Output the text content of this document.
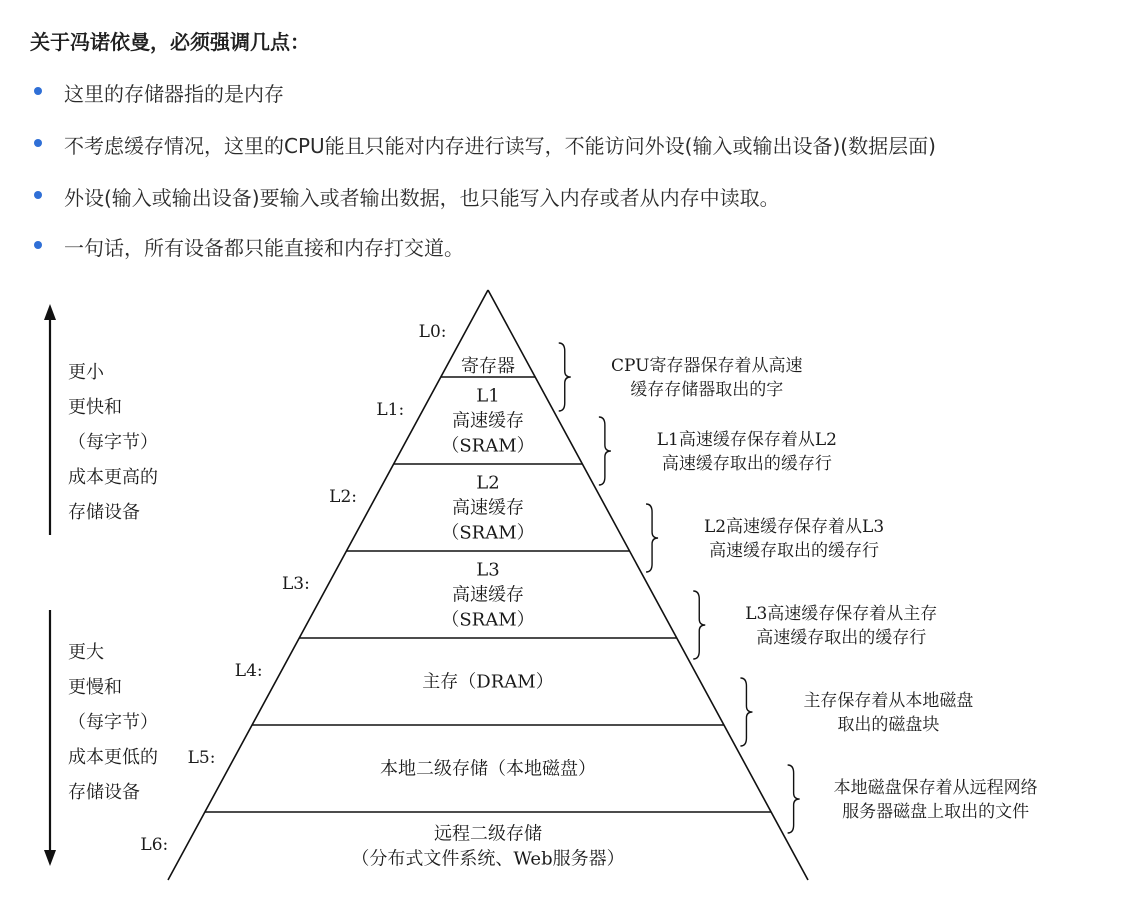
关于冯诺依曼，必须强调几点：
这里的存储器指的是内存
不考虑缓存情况，这里的CPU能且只能对内存进行读写，不能访问外设(输入或输出设备)(数据层面)
外设(输入或输出设备)要输入或者输出数据，也只能写入内存或者从内存中读取。
一句话，所有设备都只能直接和内存打交道。
L0:
寄存器	CPU寄存器保存着从高速
缓存存储器取出的字
L1:
L1
高速缓存
（SRAM）	L1高速缓存保存着从L2
高速缓存取出的缓存行
L2:
L2
高速缓存
（SRAM）	L2高速缓存保存着从L3
高速缓存取出的缓存行
L3:
L3
高速缓存
（SRAM）	L3高速缓存保存着从主存
高速缓存取出的缓存行
L4:
主存（DRAM）
主存保存着从本地磁盘
取出的磁盘块
L5:
本地二级存储（本地磁盘）
本地磁盘保存着从远程网络
服务器磁盘上取出的文件
L6:
远程二级存储
（分布式文件系统、Web服务器）
更小
更快和
（每字节）
成本更高的
存储设备
更大
更慢和
（每字节）
成本更低的
存储设备
